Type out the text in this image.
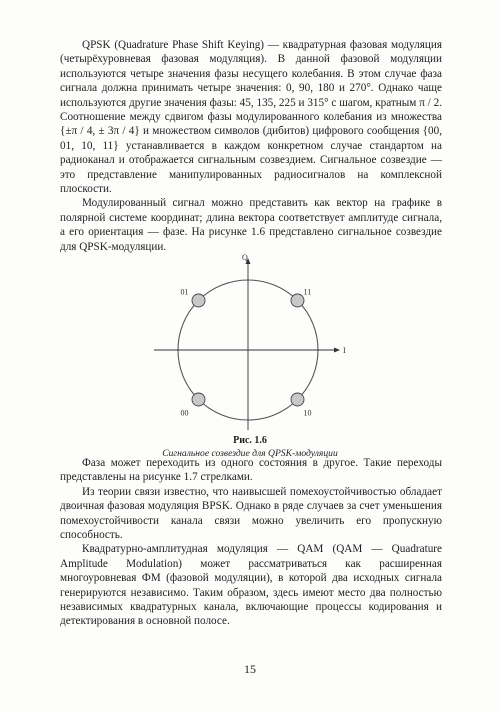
QPSK (Quadrature Phase Shift Keying) — квадратурная фазовая модуляция (четырёхуровневая фазовая модуляция). В данной фазовой модуляции используются четыре значения фазы несущего колебания. В этом случае фаза сигнала должна принимать четыре значения: 0, 90, 180 и 270°. Однако чаще используются другие значения фазы: 45, 135, 225 и 315° с шагом, кратным π / 2. Соотношение между сдвигом фазы модулированного колебания из множества {±π / 4, ± 3π / 4} и множеством символов (дибитов) цифрового сообщения {00, 01, 10, 11} устанавливается в каждом конкретном случае стандартом на радиоканал и отображается сигнальным созвездием. Сигнальное созвездие — это представление манипулированных радиосигналов на комплексной плоскости.

Модулированный сигнал можно представить как вектор на графике в полярной системе координат; длина вектора соответствует амплитуде сигнала, а его ориентация — фазе. На рисунке 1.6 представлено сигнальное созвездие для QPSK-модуляции.

I
Q
01	11
00	10
Рис. 1.6
Сигнальное созвездие для QPSK-модуляции

Фаза может переходить из одного состояния в другое. Такие переходы представлены на рисунке 1.7 стрелками.

Из теории связи известно, что наивысшей помехоустойчивостью обладает двоичная фазовая модуляция BPSK. Однако в ряде случаев за счет уменьшения помехоустойчивости канала связи можно увеличить его пропускную способность.

Квадратурно-амплитудная модуляция — QAM (QAM — Quadrature Amplitude Modulation) может рассматриваться как расширенная многоуровневая ФМ (фазовой модуляции), в которой два исходных сигнала генерируются независимо. Таким образом, здесь имеют место два полностью независимых квадратурных канала, включающие процессы кодирования и детектирования в основной полосе.

15
